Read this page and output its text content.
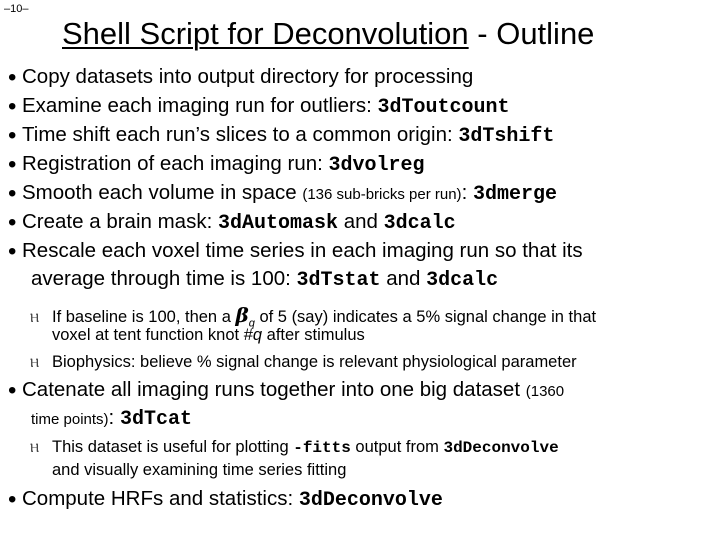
–10–
Shell Script for Deconvolution - Outline
• Copy datasets into output directory for processing
• Examine each imaging run for outliers: 3dToutcount
• Time shift each run’s slices to a common origin: 3dTshift
• Registration of each imaging run: 3dvolreg
• Smooth each volume in space (136 sub-bricks per run): 3dmerge
• Create a brain mask: 3dAutomask and 3dcalc
• Rescale each voxel time series in each imaging run so that its
average through time is 100: 3dTstat and 3dcalc
Ⲏ If baseline is 100, then a $\beta_q$ of 5 (say) indicates a 5% signal change in that
voxel at tent function knot #q after stimulus
Ⲏ Biophysics: believe % signal change is relevant physiological parameter
• Catenate all imaging runs together into one big dataset (1360
time points): 3dTcat
Ⲏ This dataset is useful for plotting -fitts output from 3dDeconvolve
and visually examining time series fitting
• Compute HRFs and statistics: 3dDeconvolve
